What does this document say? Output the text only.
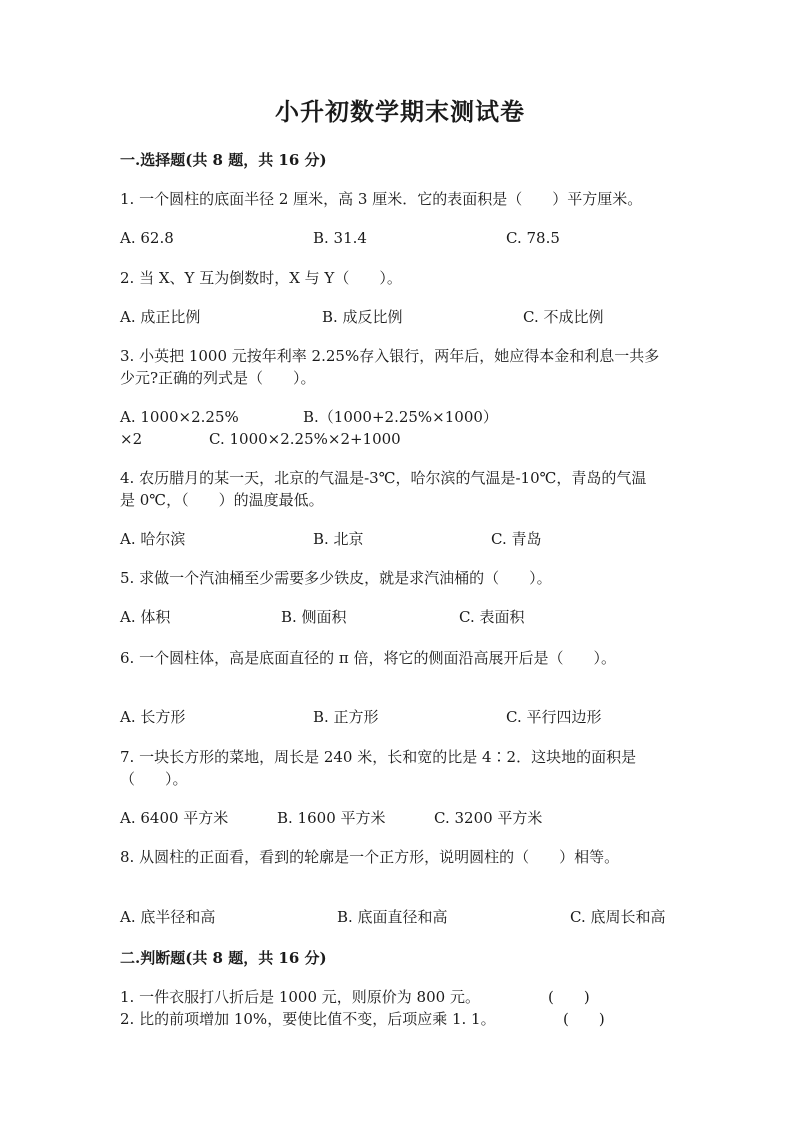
小升初数学期末测试卷
一.选择题(共 8 题，共 16 分)
1. 一个圆柱的底面半径 2 厘米，高 3 厘米．它的表面积是（　　）平方厘米。
A. 62.8	B. 31.4	C. 78.5
2. 当 X、Y 互为倒数时，X 与 Y（　　）。
A. 成正比例	B. 成反比例	C. 不成比例
3. 小英把 1000 元按年利率 2.25%存入银行，两年后，她应得本金和利息一共多
少元?正确的列式是（　　）。
A. 1000×2.25%	B.（1000+2.25%×1000）
×2	C. 1000×2.25%×2+1000
4. 农历腊月的某一天，北京的气温是-3℃，哈尔滨的气温是-10℃，青岛的气温
是 0℃，（　　）的温度最低。
A. 哈尔滨	B. 北京	C. 青岛
5. 求做一个汽油桶至少需要多少铁皮，就是求汽油桶的（　　）。
A. 体积	B. 侧面积	C. 表面积
6. 一个圆柱体，高是底面直径的 π 倍，将它的侧面沿高展开后是（　　）。
A. 长方形	B. 正方形	C. 平行四边形
7. 一块长方形的菜地，周长是 240 米，长和宽的比是 4∶2．这块地的面积是
（　　）。
A. 6400 平方米	B. 1600 平方米	C. 3200 平方米
8. 从圆柱的正面看，看到的轮廓是一个正方形，说明圆柱的（　　）相等。
A. 底半径和高	B. 底面直径和高	C. 底周长和高
二.判断题(共 8 题，共 16 分)
1. 一件衣服打八折后是 1000 元，则原价为 800 元。	(　　)
2. 比的前项增加 10%，要使比值不变，后项应乘 1. 1。	(　　)
